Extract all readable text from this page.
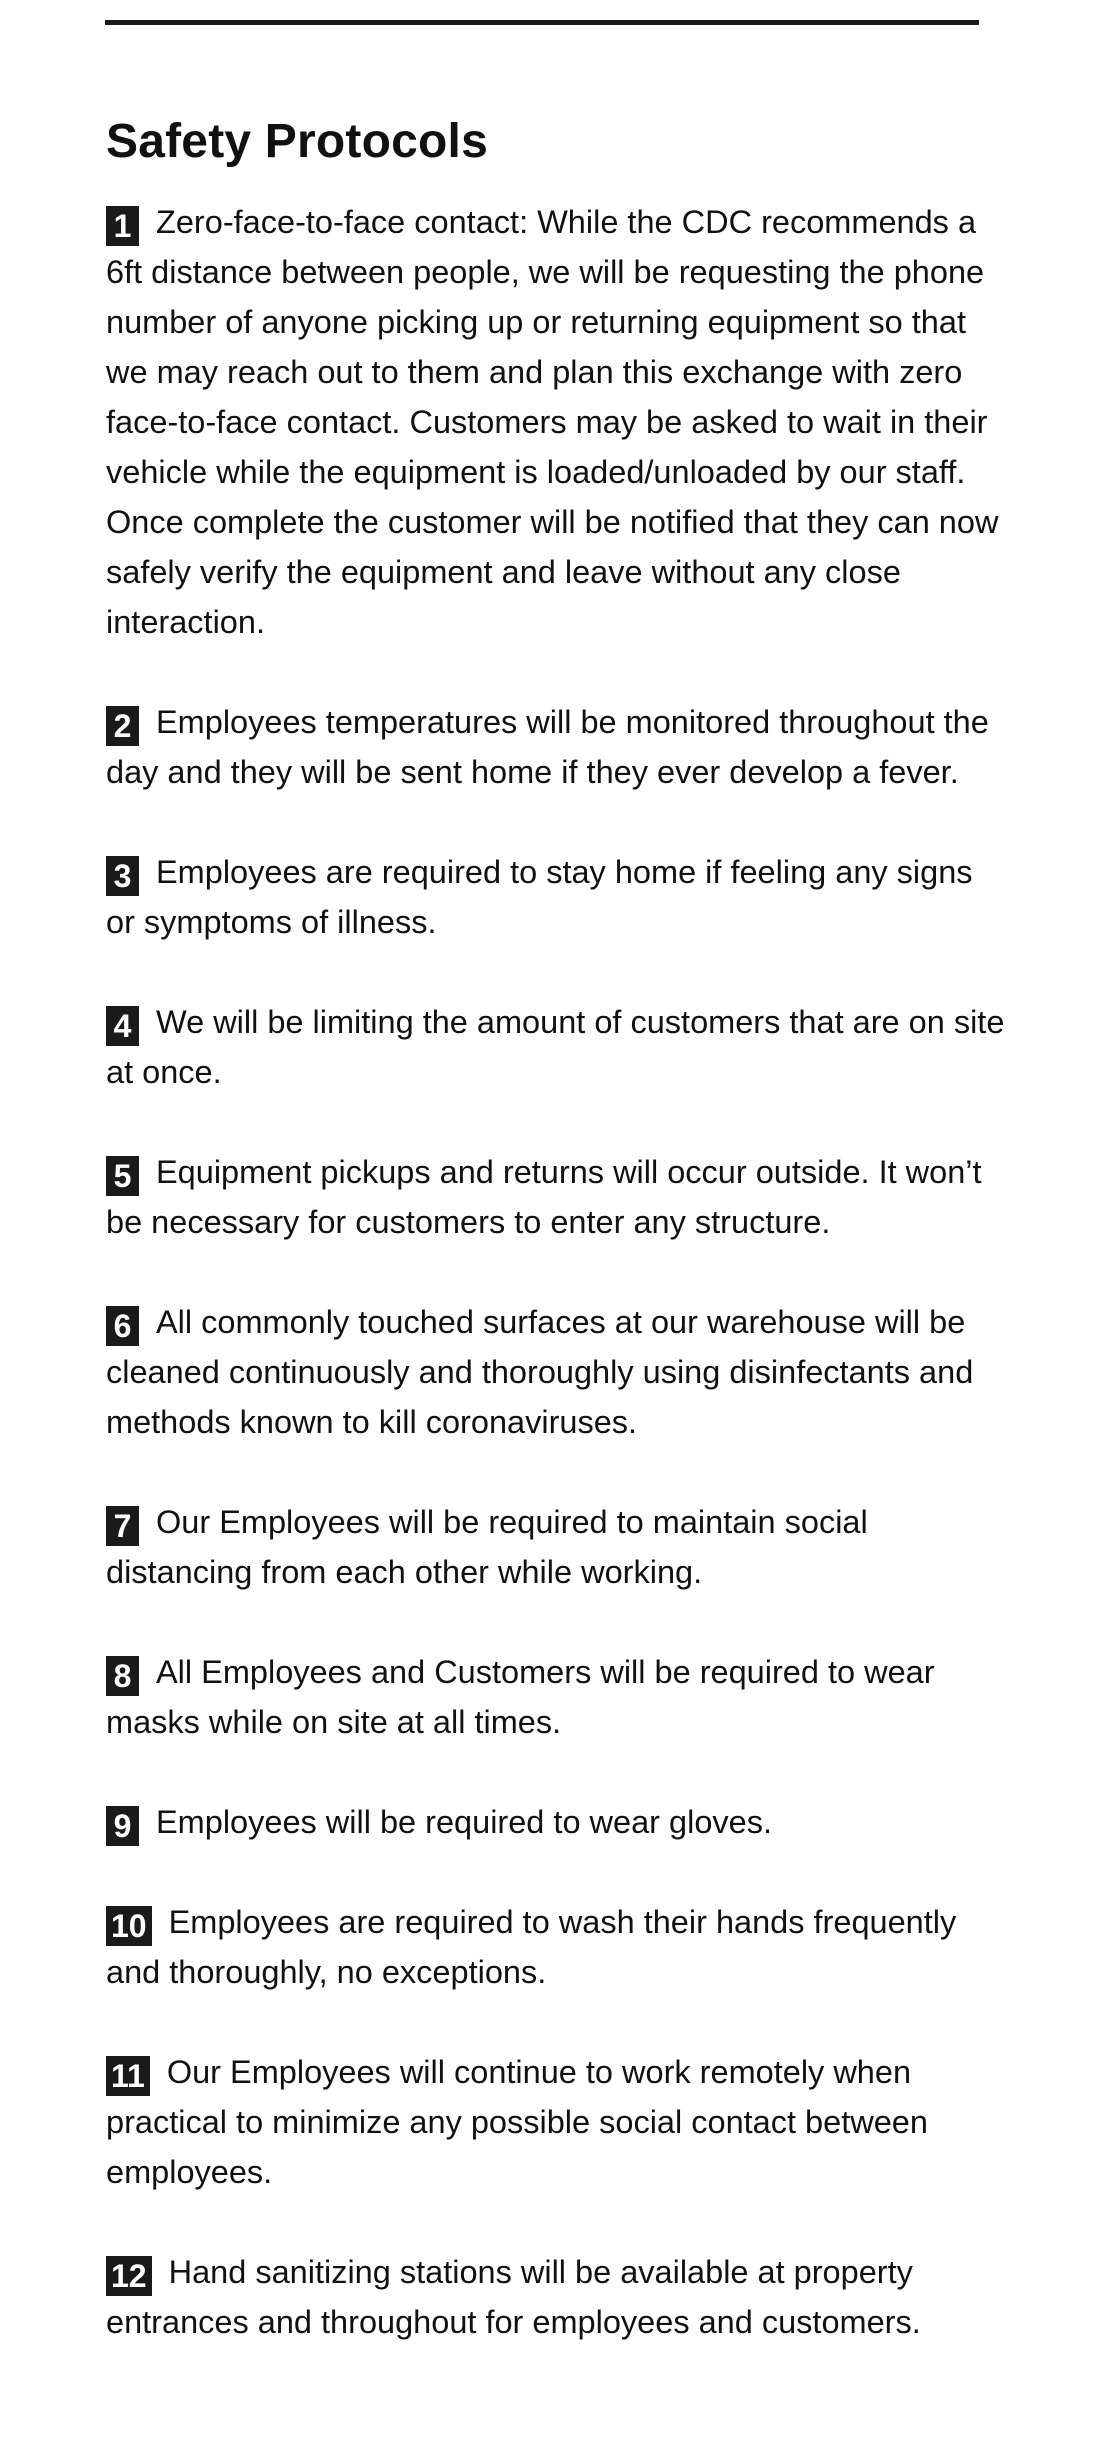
Safety Protocols
1 Zero-face-to-face contact: While the CDC recommends a 6ft distance between people, we will be requesting the phone number of anyone picking up or returning equipment so that we may reach out to them and plan this exchange with zero face-to-face contact. Customers may be asked to wait in their vehicle while the equipment is loaded/unloaded by our staff. Once complete the customer will be notified that they can now safely verify the equipment and leave without any close interaction.
2 Employees temperatures will be monitored throughout the day and they will be sent home if they ever develop a fever.
3 Employees are required to stay home if feeling any signs or symptoms of illness.
4 We will be limiting the amount of customers that are on site at once.
5 Equipment pickups and returns will occur outside. It won’t be necessary for customers to enter any structure.
6 All commonly touched surfaces at our warehouse will be cleaned continuously and thoroughly using disinfectants and methods known to kill coronaviruses.
7 Our Employees will be required to maintain social distancing from each other while working.
8 All Employees and Customers will be required to wear masks while on site at all times.
9 Employees will be required to wear gloves.
10 Employees are required to wash their hands frequently and thoroughly, no exceptions.
11 Our Employees will continue to work remotely when practical to minimize any possible social contact between employees.
12 Hand sanitizing stations will be available at property entrances and throughout for employees and customers.
